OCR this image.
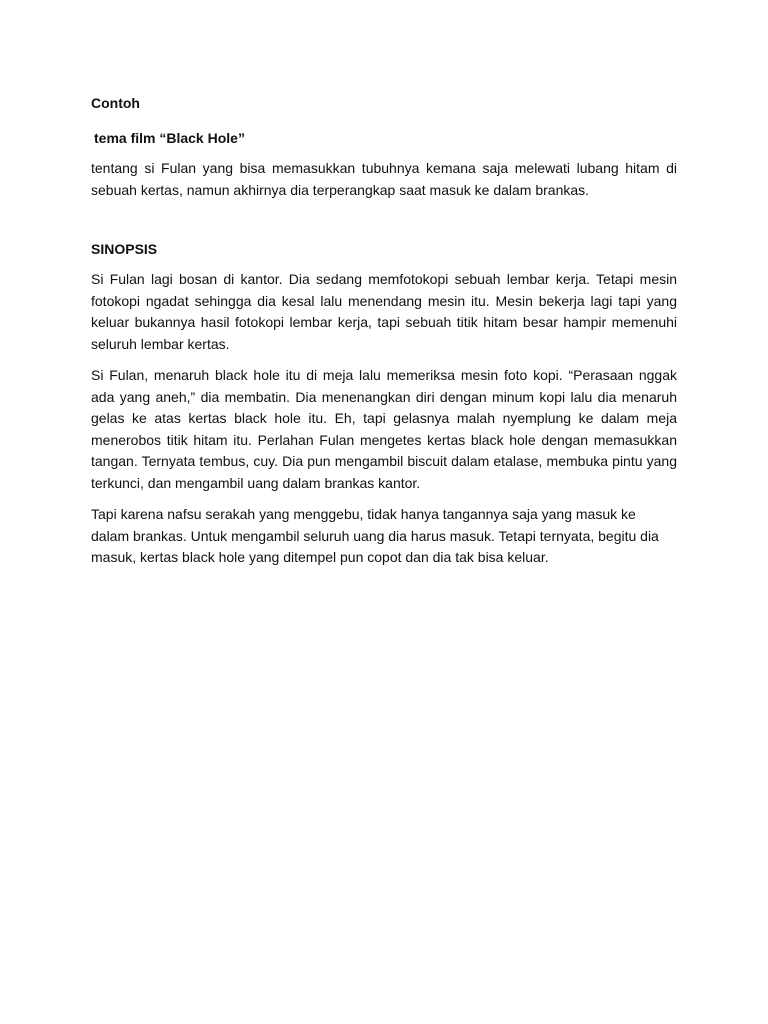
Contoh

tema film “Black Hole”

tentang si Fulan yang bisa memasukkan tubuhnya kemana saja melewati lubang hitam di sebuah kertas, namun akhirnya dia terperangkap saat masuk ke dalam brankas.

SINOPSIS

Si Fulan lagi bosan di kantor. Dia sedang memfotokopi sebuah lembar kerja. Tetapi mesin fotokopi ngadat sehingga dia kesal lalu menendang mesin itu. Mesin bekerja lagi tapi yang keluar bukannya hasil fotokopi lembar kerja, tapi sebuah titik hitam besar hampir memenuhi seluruh lembar kertas.

Si Fulan, menaruh black hole itu di meja lalu memeriksa mesin foto kopi. “Perasaan nggak ada yang aneh,” dia membatin. Dia menenangkan diri dengan minum kopi lalu dia menaruh gelas ke atas kertas black hole itu. Eh, tapi gelasnya malah nyemplung ke dalam meja menerobos titik hitam itu. Perlahan Fulan mengetes kertas black hole dengan memasukkan tangan. Ternyata tembus, cuy. Dia pun mengambil biscuit dalam etalase, membuka pintu yang terkunci, dan mengambil uang dalam brankas kantor.

Tapi karena nafsu serakah yang menggebu, tidak hanya tangannya saja yang masuk ke dalam brankas. Untuk mengambil seluruh uang dia harus masuk. Tetapi ternyata, begitu dia masuk, kertas black hole yang ditempel pun copot dan dia tak bisa keluar.
